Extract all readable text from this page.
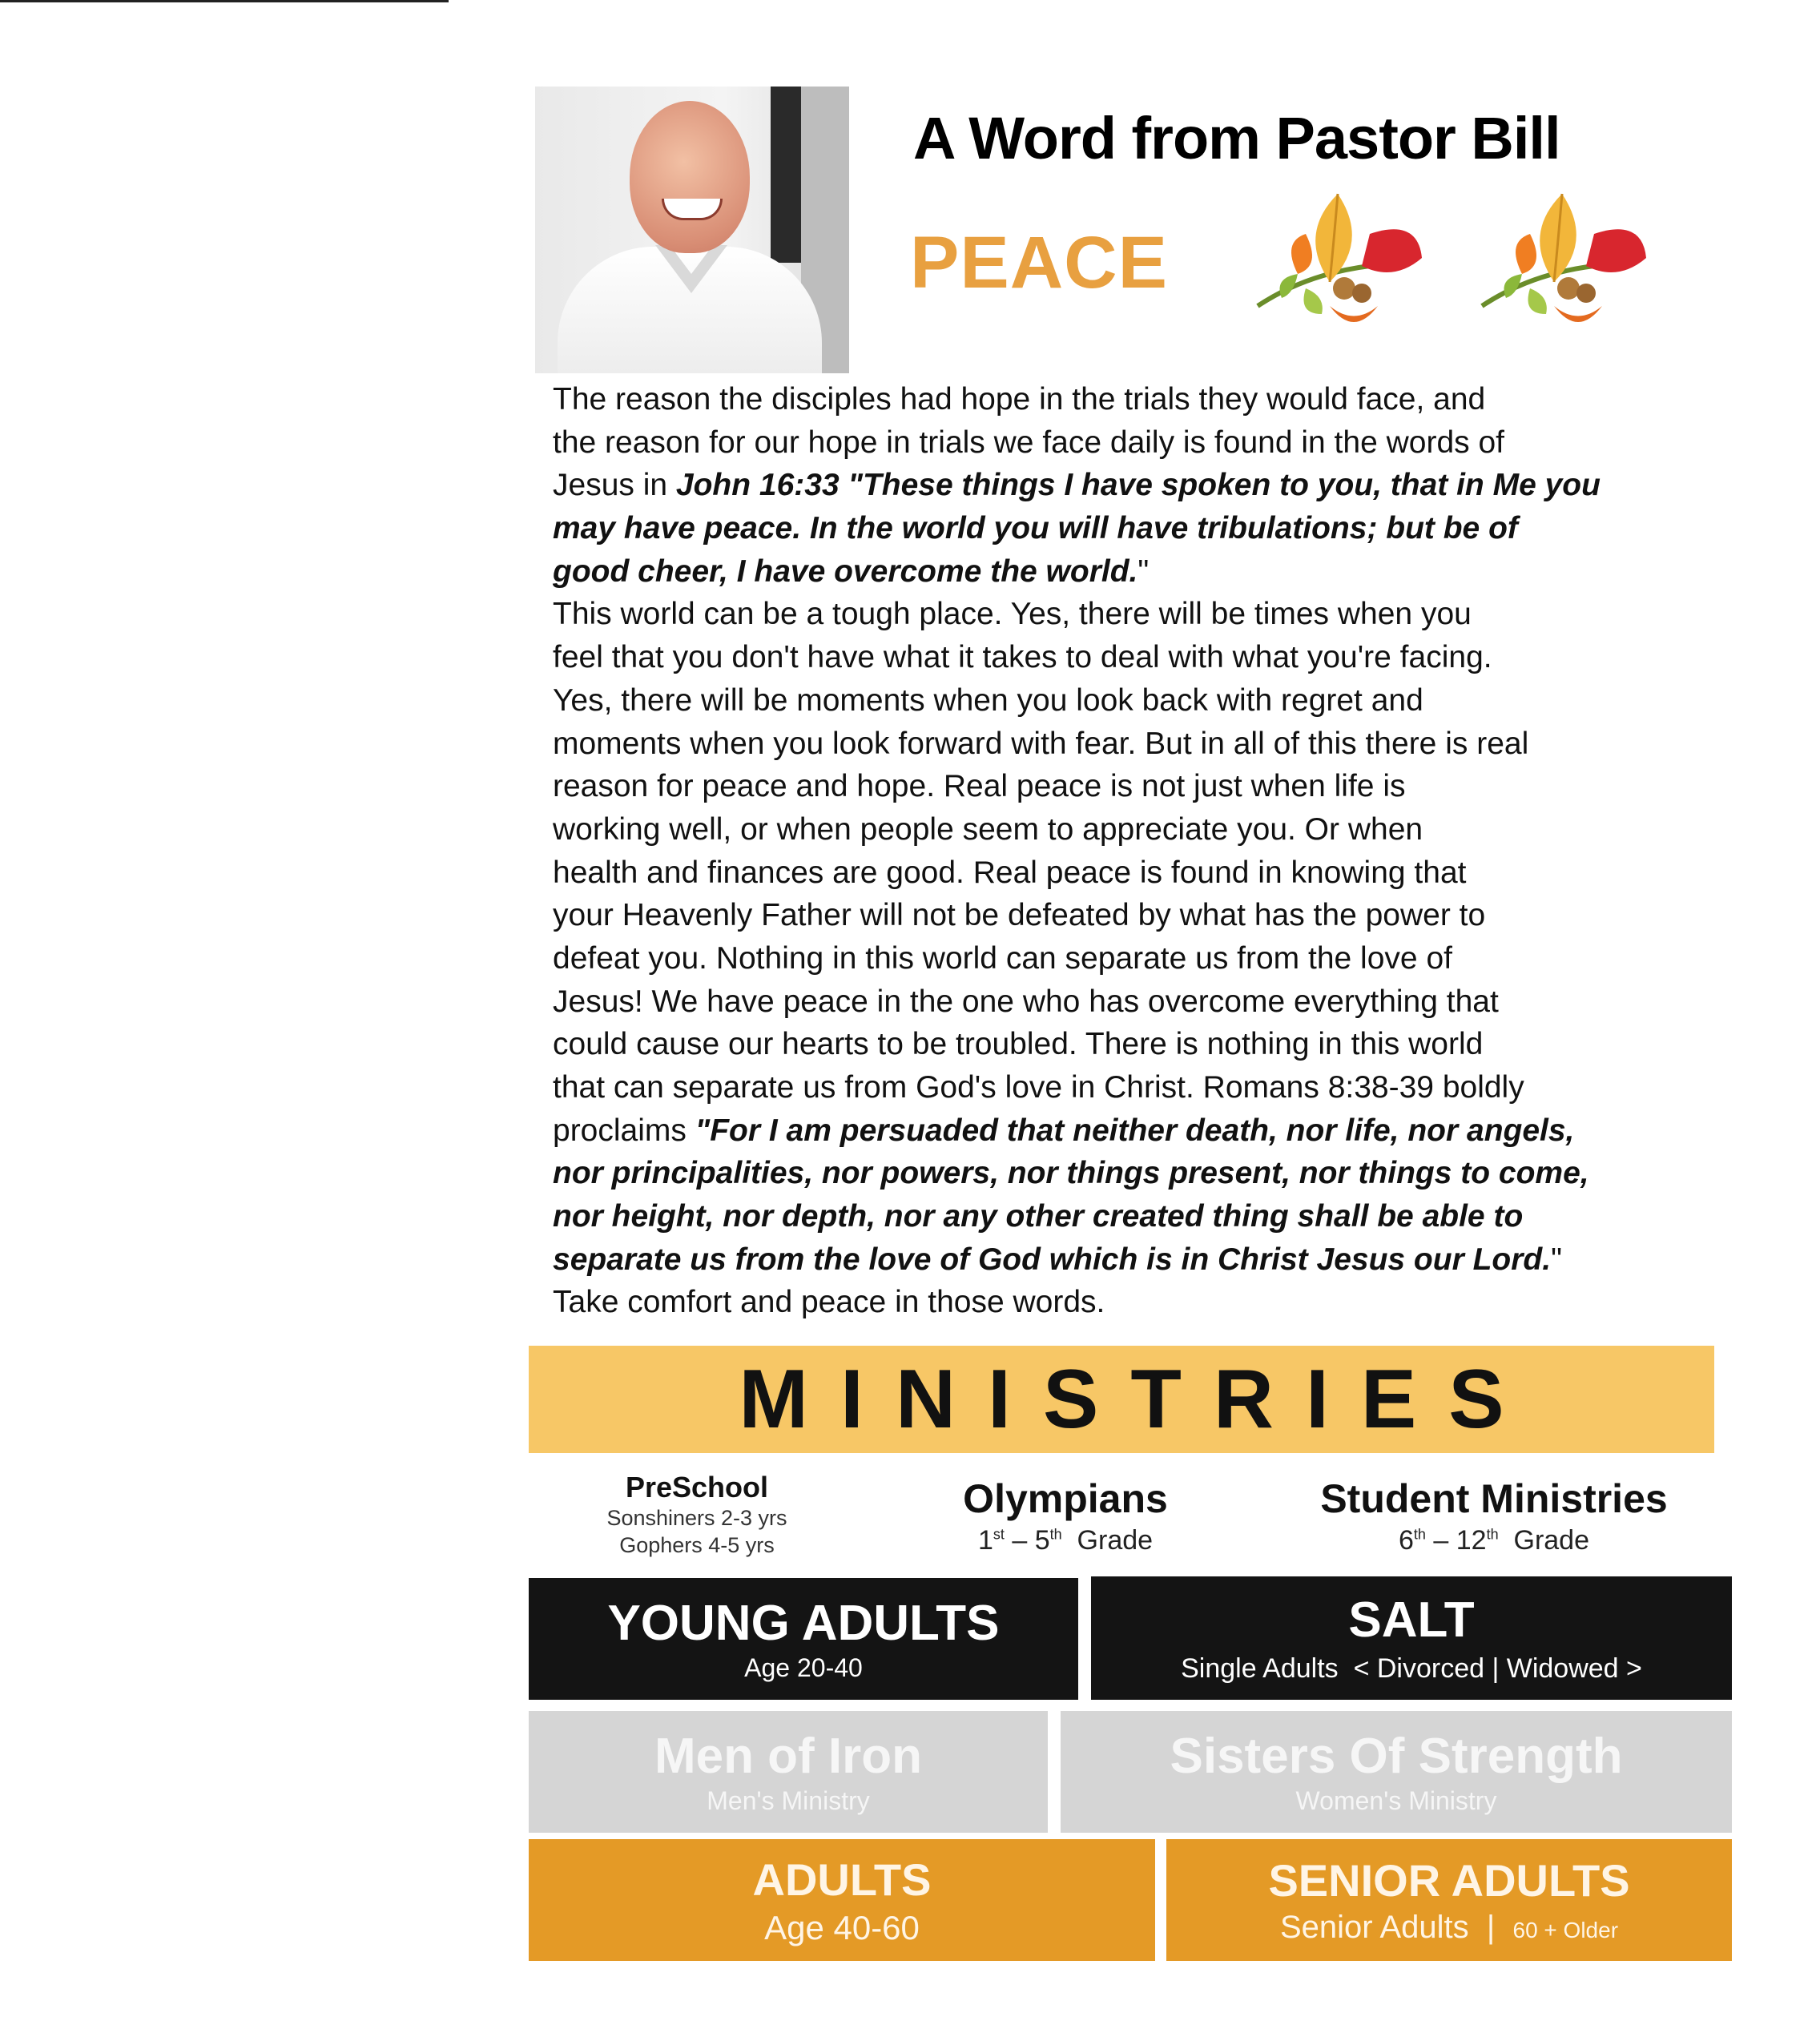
A Word from Pastor Bill
PEACE
The reason the disciples had hope in the trials they would face, and
the reason for our hope in trials we face daily is found in the words of
Jesus in John 16:33 "These things I have spoken to you, that in Me you
may have peace. In the world you will have tribulations; but be of
good cheer, I have overcome the world."
This world can be a tough place. Yes, there will be times when you
feel that you don't have what it takes to deal with what you're facing.
Yes, there will be moments when you look back with regret and
moments when you look forward with fear. But in all of this there is real
reason for peace and hope. Real peace is not just when life is
working well, or when people seem to appreciate you. Or when
health and finances are good. Real peace is found in knowing that
your Heavenly Father will not be defeated by what has the power to
defeat you. Nothing in this world can separate us from the love of
Jesus! We have peace in the one who has overcome everything that
could cause our hearts to be troubled. There is nothing in this world
that can separate us from God's love in Christ. Romans 8:38-39 boldly
proclaims "For I am persuaded that neither death, nor life, nor angels,
nor principalities, nor powers, nor things present, nor things to come,
nor height, nor depth, nor any other created thing shall be able to
separate us from the love of God which is in Christ Jesus our Lord."
Take comfort and peace in those words.
MINISTRIES
PreSchool
Sonshiners 2-3 yrs
Gophers 4-5 yrs
Olympians
1st – 5th Grade
Student Ministries
6th – 12th Grade
YOUNG ADULTS
Age 20-40
SALT
Single Adults  < Divorced | Widowed >
Men of Iron
Men's Ministry
Sisters Of Strength
Women's Ministry
ADULTS
Age 40-60
SENIOR ADULTS
Senior Adults  |  60 + Older
